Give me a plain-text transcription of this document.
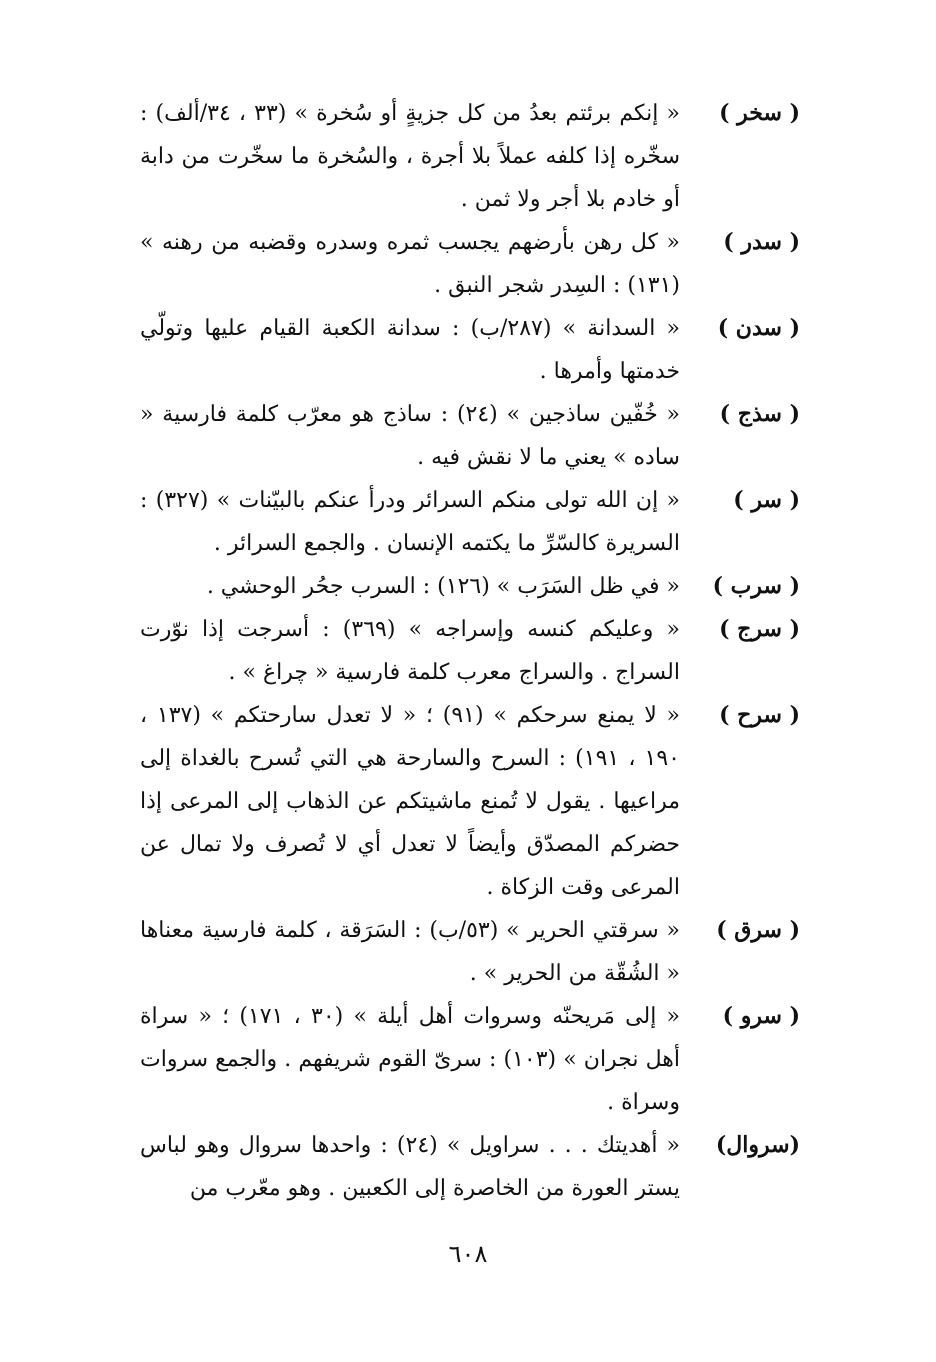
( سخر )
« إنكم برئتم بعدُ من كل جزيةٍ أو سُخرة » (٣٣ ، ٣٤/ألف) : سخّره إذا كلفه عملاً بلا أجرة ، والسُخرة ما سخّرت من دابة أو خادم بلا أجر ولا ثمن .
( سدر )
« كل رهن بأرضهم يجسب ثمره وسدره وقضبه من رهنه » (١٣١) : السِدر شجر النبق .
( سدن )
« السدانة » (٢٨٧/ب) : سدانة الكعبة القيام عليها وتولّي خدمتها وأمرها .
( سذج )
« خُفّين ساذجين » (٢٤) : ساذج هو معرّب كلمة فارسية « ساده » يعني ما لا نقش فيه .
( سر )
« إن الله تولى منكم السرائر ودرأ عنكم بالبيّنات » (٣٢٧) : السريرة كالسّرِّ ما يكتمه الإنسان . والجمع السرائر .
( سرب )
« في ظل السَرَب » (١٢٦) : السرب جحُر الوحشي .
( سرج )
« وعليكم كنسه وإسراجه » (٣٦٩) : أسرجت إذا نوّرت السراج . والسراج معرب كلمة فارسية « چراغ » .
( سرح )
« لا يمنع سرحكم » (٩١) ؛ « لا تعدل سارحتكم » (١٣٧ ، ١٩٠ ، ١٩١) : السرح والسارحة هي التي تُسرح بالغداة إلى مراعيها . يقول لا تُمنع ماشيتكم عن الذهاب إلى المرعى إذا حضركم المصدّق وأيضاً لا تعدل أي لا تُصرف ولا تمال عن المرعى وقت الزكاة .
( سرق )
« سرقتي الحرير » (٥٣/ب) : السَرَقة ، كلمة فارسية معناها « الشُقّة من الحرير » .
( سرو )
« إلى مَريحنّه وسروات أهل أيلة » (٣٠ ، ١٧١) ؛ « سراة أهل نجران » (١٠٣) : سرىّ القوم شريفهم . والجمع سروات وسراة .
(سروال)
« أهديتك . . . سراويل » (٢٤) : واحدها سروال وهو لباس يستر العورة من الخاصرة إلى الكعبين . وهو معّرب من
٦٠٨
